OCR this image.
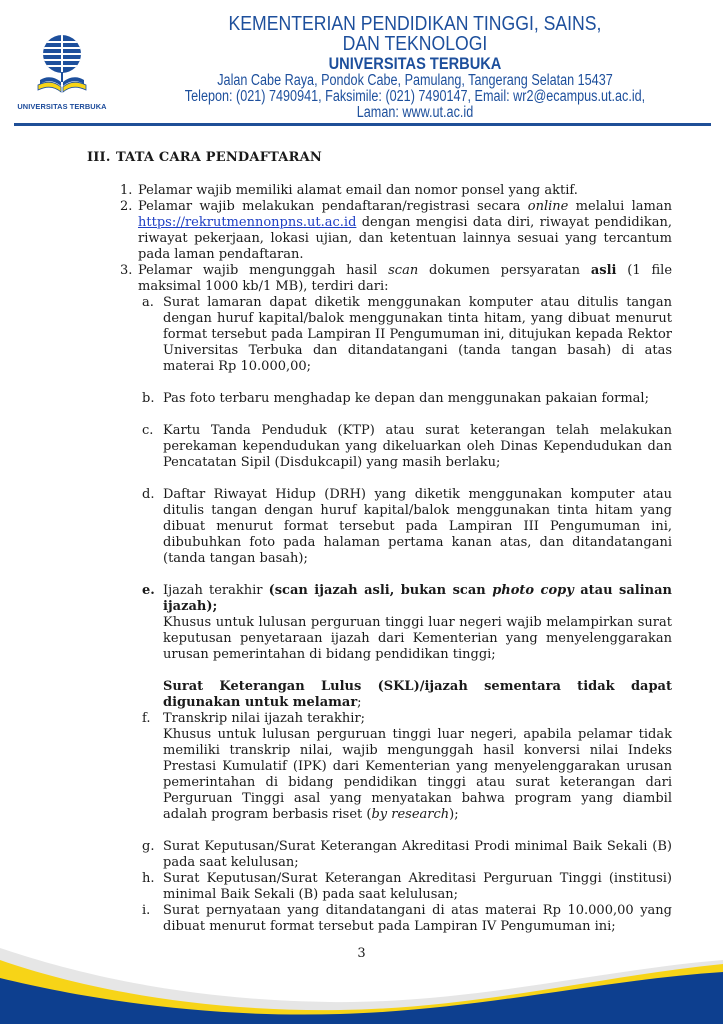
UNIVERSITAS TERBUKA
KEMENTERIAN PENDIDIKAN TINGGI, SAINS,
DAN TEKNOLOGI
UNIVERSITAS TERBUKA
Jalan Cabe Raya, Pondok Cabe, Pamulang, Tangerang Selatan 15437
Telepon: (021) 7490941, Faksimile: (021) 7490147, Email: wr2@ecampus.ut.ac.id,
Laman: www.ut.ac.id
III. TATA CARA PENDAFTARAN
1. Pelamar wajib memiliki alamat email dan nomor ponsel yang aktif.
2. Pelamar wajib melakukan pendaftaran/registrasi secara online melalui laman https://rekrutmennonpns.ut.ac.id dengan mengisi data diri, riwayat pendidikan, riwayat pekerjaan, lokasi ujian, dan ketentuan lainnya sesuai yang tercantum pada laman pendaftaran.
3. Pelamar wajib mengunggah hasil scan dokumen persyaratan asli (1 file maksimal 1000 kb/1 MB), terdiri dari:
a. Surat lamaran dapat diketik menggunakan komputer atau ditulis tangan dengan huruf kapital/balok menggunakan tinta hitam, yang dibuat menurut format tersebut pada Lampiran II Pengumuman ini, ditujukan kepada Rektor Universitas Terbuka dan ditandatangani (tanda tangan basah) di atas materai Rp 10.000,00;
b. Pas foto terbaru menghadap ke depan dan menggunakan pakaian formal;
c. Kartu Tanda Penduduk (KTP) atau surat keterangan telah melakukan perekaman kependudukan yang dikeluarkan oleh Dinas Kependudukan dan Pencatatan Sipil (Disdukcapil) yang masih berlaku;
d. Daftar Riwayat Hidup (DRH) yang diketik menggunakan komputer atau ditulis tangan dengan huruf kapital/balok menggunakan tinta hitam yang dibuat menurut format tersebut pada Lampiran III Pengumuman ini, dibubuhkan foto pada halaman pertama kanan atas, dan ditandatangani (tanda tangan basah);
e. Ijazah terakhir (scan ijazah asli, bukan scan photo copy atau salinan ijazah);
Khusus untuk lulusan perguruan tinggi luar negeri wajib melampirkan surat keputusan penyetaraan ijazah dari Kementerian yang menyelenggarakan urusan pemerintahan di bidang pendidikan tinggi;
Surat Keterangan Lulus (SKL)/ijazah sementara tidak dapat digunakan untuk melamar;
f. Transkrip nilai ijazah terakhir;
Khusus untuk lulusan perguruan tinggi luar negeri, apabila pelamar tidak memiliki transkrip nilai, wajib mengunggah hasil konversi nilai Indeks Prestasi Kumulatif (IPK) dari Kementerian yang menyelenggarakan urusan pemerintahan di bidang pendidikan tinggi atau surat keterangan dari Perguruan Tinggi asal yang menyatakan bahwa program yang diambil adalah program berbasis riset (by research);
g. Surat Keputusan/Surat Keterangan Akreditasi Prodi minimal Baik Sekali (B) pada saat kelulusan;
h. Surat Keputusan/Surat Keterangan Akreditasi Perguruan Tinggi (institusi) minimal Baik Sekali (B) pada saat kelulusan;
i. Surat pernyataan yang ditandatangani di atas materai Rp 10.000,00 yang dibuat menurut format tersebut pada Lampiran IV Pengumuman ini;
3
